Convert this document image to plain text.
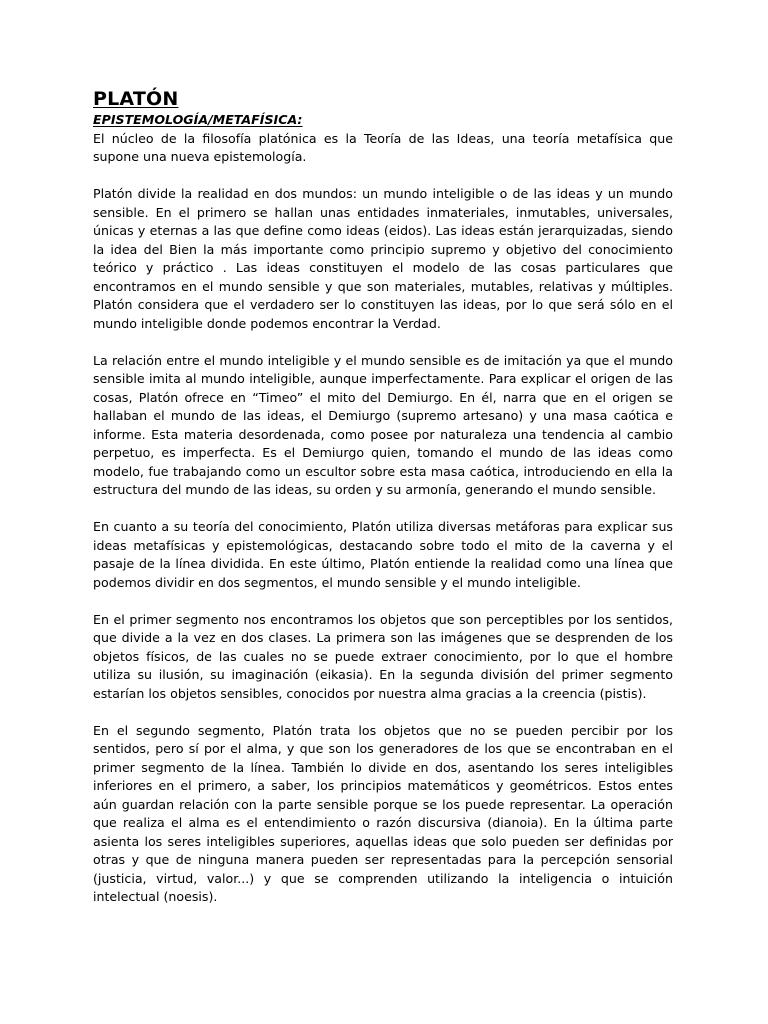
PLATÓN

EPISTEMOLOGÍA/METAFÍSICA:

El núcleo de la filosofía platónica es la Teoría de las Ideas, una teoría metafísica que supone una nueva epistemología.

Platón divide la realidad en dos mundos: un mundo inteligible o de las ideas y un mundo sensible. En el primero se hallan unas entidades inmateriales, inmutables, universales, únicas y eternas a las que define como ideas (eidos). Las ideas están jerarquizadas, siendo la idea del Bien la más importante como principio supremo y objetivo del conocimiento teórico y práctico . Las ideas constituyen el modelo de las cosas particulares que encontramos en el mundo sensible y que son materiales, mutables, relativas y múltiples. Platón considera que el verdadero ser lo constituyen las ideas, por lo que será sólo en el mundo inteligible donde podemos encontrar la Verdad.

La relación entre el mundo inteligible y el mundo sensible es de imitación ya que el mundo sensible imita al mundo inteligible, aunque imperfectamente. Para explicar el origen de las cosas, Platón ofrece en “Timeo” el mito del Demiurgo. En él, narra que en el origen se hallaban el mundo de las ideas, el Demiurgo (supremo artesano) y una masa caótica e informe. Esta materia desordenada, como posee por naturaleza una tendencia al cambio perpetuo, es imperfecta. Es el Demiurgo quien, tomando el mundo de las ideas como modelo, fue trabajando como un escultor sobre esta masa caótica, introduciendo en ella la estructura del mundo de las ideas, su orden y su armonía, generando el mundo sensible.

En cuanto a su teoría del conocimiento, Platón utiliza diversas metáforas para explicar sus ideas metafísicas y epistemológicas, destacando sobre todo el mito de la caverna y el pasaje de la línea dividida. En este último, Platón entiende la realidad como una línea que podemos dividir en dos segmentos, el mundo sensible y el mundo inteligible.

En el primer segmento nos encontramos los objetos que son perceptibles por los sentidos, que divide a la vez en dos clases. La primera son las imágenes que se desprenden de los objetos físicos, de las cuales no se puede extraer conocimiento, por lo que el hombre utiliza su ilusión, su imaginación (eikasia). En la segunda división del primer segmento estarían los objetos sensibles, conocidos por nuestra alma gracias a la creencia (pistis).

En el segundo segmento, Platón trata los objetos que no se pueden percibir por los sentidos, pero sí por el alma, y que son los generadores de los que se encontraban en el primer segmento de la línea. También lo divide en dos, asentando los seres inteligibles inferiores en el primero, a saber, los principios matemáticos y geométricos. Estos entes aún guardan relación con la parte sensible porque se los puede representar. La operación que realiza el alma es el entendimiento o razón discursiva (dianoia). En la última parte asienta los seres inteligibles superiores, aquellas ideas que solo pueden ser definidas por otras y que de ninguna manera pueden ser representadas para la percepción sensorial (justicia, virtud, valor...) y que se comprenden utilizando la inteligencia o intuición intelectual (noesis).
